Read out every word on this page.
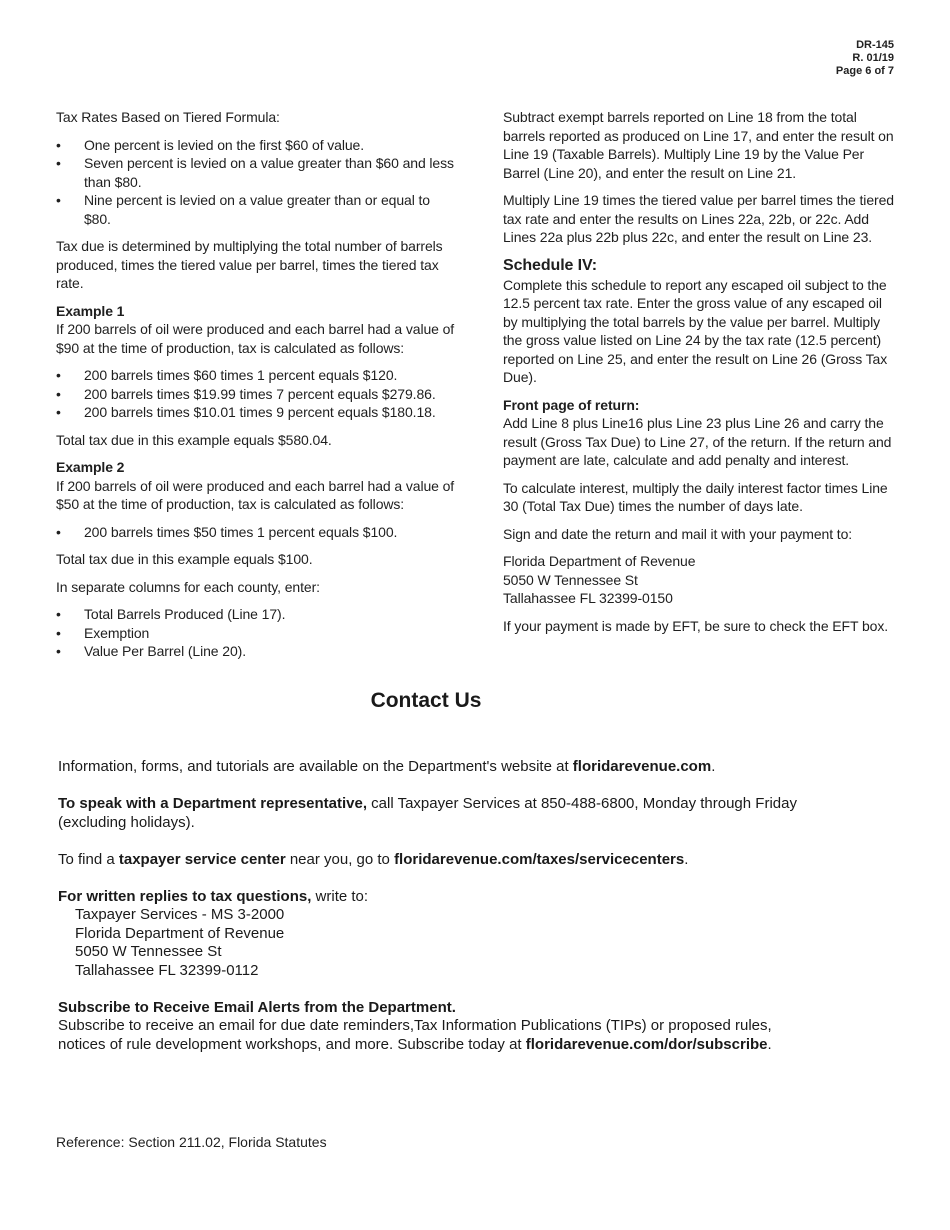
DR-145
R. 01/19
Page 6 of 7

Tax Rates Based on Tiered Formula:

• One percent is levied on the first $60 of value.
• Seven percent is levied on a value greater than $60 and less than $80.
• Nine percent is levied on a value greater than or equal to $80.

Tax due is determined by multiplying the total number of barrels produced, times the tiered value per barrel, times the tiered tax rate.

Example 1

If 200 barrels of oil were produced and each barrel had a value of $90 at the time of production, tax is calculated as follows:

• 200 barrels times $60 times 1 percent equals $120.
• 200 barrels times $19.99 times 7 percent equals $279.86.
• 200 barrels times $10.01 times 9 percent equals $180.18.

Total tax due in this example equals $580.04.

Example 2

If 200 barrels of oil were produced and each barrel had a value of $50 at the time of production, tax is calculated as follows:

• 200 barrels times $50 times 1 percent equals $100.

Total tax due in this example equals $100.

In separate columns for each county, enter:

• Total Barrels Produced (Line 17).
• Exemption
• Value Per Barrel (Line 20).

Subtract exempt barrels reported on Line 18 from the total barrels reported as produced on Line 17, and enter the result on Line 19 (Taxable Barrels). Multiply Line 19 by the Value Per Barrel (Line 20), and enter the result on Line 21.

Multiply Line 19 times the tiered value per barrel times the tiered tax rate and enter the results on Lines 22a, 22b, or 22c. Add Lines 22a plus 22b plus 22c, and enter the result on Line 23.

Schedule IV:

Complete this schedule to report any escaped oil subject to the 12.5 percent tax rate. Enter the gross value of any escaped oil by multiplying the total barrels by the value per barrel. Multiply the gross value listed on Line 24 by the tax rate (12.5 percent) reported on Line 25, and enter the result on Line 26 (Gross Tax Due).

Front page of return:

Add Line 8 plus Line16 plus Line 23 plus Line 26 and carry the result (Gross Tax Due) to Line 27, of the return. If the return and payment are late, calculate and add penalty and interest.

To calculate interest, multiply the daily interest factor times Line 30 (Total Tax Due) times the number of days late.

Sign and date the return and mail it with your payment to:

Florida Department of Revenue
5050 W Tennessee St
Tallahassee FL 32399-0150

If your payment is made by EFT, be sure to check the EFT box.

Contact Us

Information, forms, and tutorials are available on the Department's website at floridarevenue.com.

To speak with a Department representative, call Taxpayer Services at 850-488-6800, Monday through Friday (excluding holidays).

To find a taxpayer service center near you, go to floridarevenue.com/taxes/servicecenters.

For written replies to tax questions, write to:
Taxpayer Services - MS 3-2000
Florida Department of Revenue
5050 W Tennessee St
Tallahassee FL 32399-0112

Subscribe to Receive Email Alerts from the Department.
Subscribe to receive an email for due date reminders,Tax Information Publications (TIPs) or proposed rules, notices of rule development workshops, and more. Subscribe today at floridarevenue.com/dor/subscribe.

Reference: Section 211.02, Florida Statutes
